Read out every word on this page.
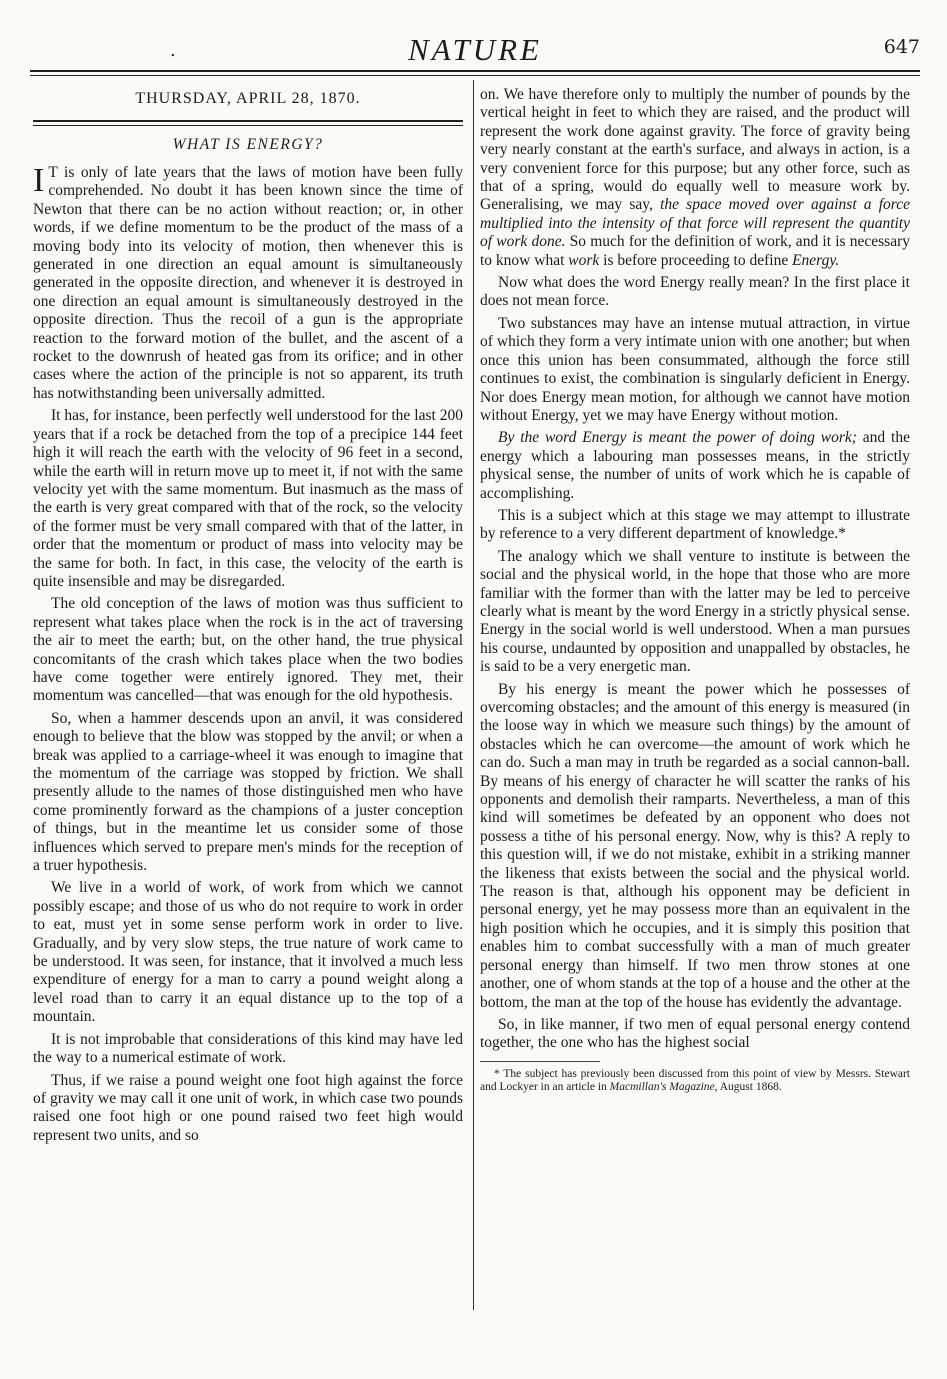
.	NATURE	647
THURSDAY, APRIL 28, 1870.
WHAT IS ENERGY?

I T is only of late years that the laws of motion have been fully comprehended. No doubt it has been known since the time of Newton that there can be no action without reaction; or, in other words, if we define momentum to be the product of the mass of a moving body into its velocity of motion, then whenever this is generated in one direction an equal amount is simultaneously generated in the opposite direction, and whenever it is destroyed in one direction an equal amount is simultaneously destroyed in the opposite direction. Thus the recoil of a gun is the appropriate reaction to the forward motion of the bullet, and the ascent of a rocket to the downrush of heated gas from its orifice; and in other cases where the action of the principle is not so apparent, its truth has notwithstanding been universally admitted.

It has, for instance, been perfectly well understood for the last 200 years that if a rock be detached from the top of a precipice 144 feet high it will reach the earth with the velocity of 96 feet in a second, while the earth will in return move up to meet it, if not with the same velocity yet with the same momentum. But inasmuch as the mass of the earth is very great compared with that of the rock, so the velocity of the former must be very small compared with that of the latter, in order that the momentum or product of mass into velocity may be the same for both. In fact, in this case, the velocity of the earth is quite insensible and may be disregarded.

The old conception of the laws of motion was thus sufficient to represent what takes place when the rock is in the act of traversing the air to meet the earth; but, on the other hand, the true physical concomitants of the crash which takes place when the two bodies have come together were entirely ignored. They met, their momentum was cancelled—that was enough for the old hypothesis.

So, when a hammer descends upon an anvil, it was considered enough to believe that the blow was stopped by the anvil; or when a break was applied to a carriage-wheel it was enough to imagine that the momentum of the carriage was stopped by friction. We shall presently allude to the names of those distinguished men who have come prominently forward as the champions of a juster conception of things, but in the meantime let us consider some of those influences which served to prepare men's minds for the reception of a truer hypothesis.

We live in a world of work, of work from which we cannot possibly escape; and those of us who do not require to work in order to eat, must yet in some sense perform work in order to live. Gradually, and by very slow steps, the true nature of work came to be understood. It was seen, for instance, that it involved a much less expenditure of energy for a man to carry a pound weight along a level road than to carry it an equal distance up to the top of a mountain.

It is not improbable that considerations of this kind may have led the way to a numerical estimate of work.

Thus, if we raise a pound weight one foot high against the force of gravity we may call it one unit of work, in which case two pounds raised one foot high or one pound raised two feet high would represent two units, and so

on. We have therefore only to multiply the number of pounds by the vertical height in feet to which they are raised, and the product will represent the work done against gravity. The force of gravity being very nearly constant at the earth's surface, and always in action, is a very convenient force for this purpose; but any other force, such as that of a spring, would do equally well to measure work by. Generalising, we may say, the space moved over against a force multiplied into the intensity of that force will represent the quantity of work done. So much for the definition of work, and it is necessary to know what work is before proceeding to define Energy.

Now what does the word Energy really mean? In the first place it does not mean force.

Two substances may have an intense mutual attraction, in virtue of which they form a very intimate union with one another; but when once this union has been consummated, although the force still continues to exist, the combination is singularly deficient in Energy. Nor does Energy mean motion, for although we cannot have motion without Energy, yet we may have Energy without motion.

By the word Energy is meant the power of doing work; and the energy which a labouring man possesses means, in the strictly physical sense, the number of units of work which he is capable of accomplishing.

This is a subject which at this stage we may attempt to illustrate by reference to a very different department of knowledge.*

The analogy which we shall venture to institute is between the social and the physical world, in the hope that those who are more familiar with the former than with the latter may be led to perceive clearly what is meant by the word Energy in a strictly physical sense. Energy in the social world is well understood. When a man pursues his course, undaunted by opposition and unappalled by obstacles, he is said to be a very energetic man.

By his energy is meant the power which he possesses of overcoming obstacles; and the amount of this energy is measured (in the loose way in which we measure such things) by the amount of obstacles which he can overcome—the amount of work which he can do. Such a man may in truth be regarded as a social cannon-ball. By means of his energy of character he will scatter the ranks of his opponents and demolish their ramparts. Nevertheless, a man of this kind will sometimes be defeated by an opponent who does not possess a tithe of his personal energy. Now, why is this? A reply to this question will, if we do not mistake, exhibit in a striking manner the likeness that exists between the social and the physical world. The reason is that, although his opponent may be deficient in personal energy, yet he may possess more than an equivalent in the high position which he occupies, and it is simply this position that enables him to combat successfully with a man of much greater personal energy than himself. If two men throw stones at one another, one of whom stands at the top of a house and the other at the bottom, the man at the top of the house has evidently the advantage.

So, in like manner, if two men of equal personal energy contend together, the one who has the highest social

* The subject has previously been discussed from this point of view by Messrs. Stewart and Lockyer in an article in Macmillan's Magazine, August 1868.
